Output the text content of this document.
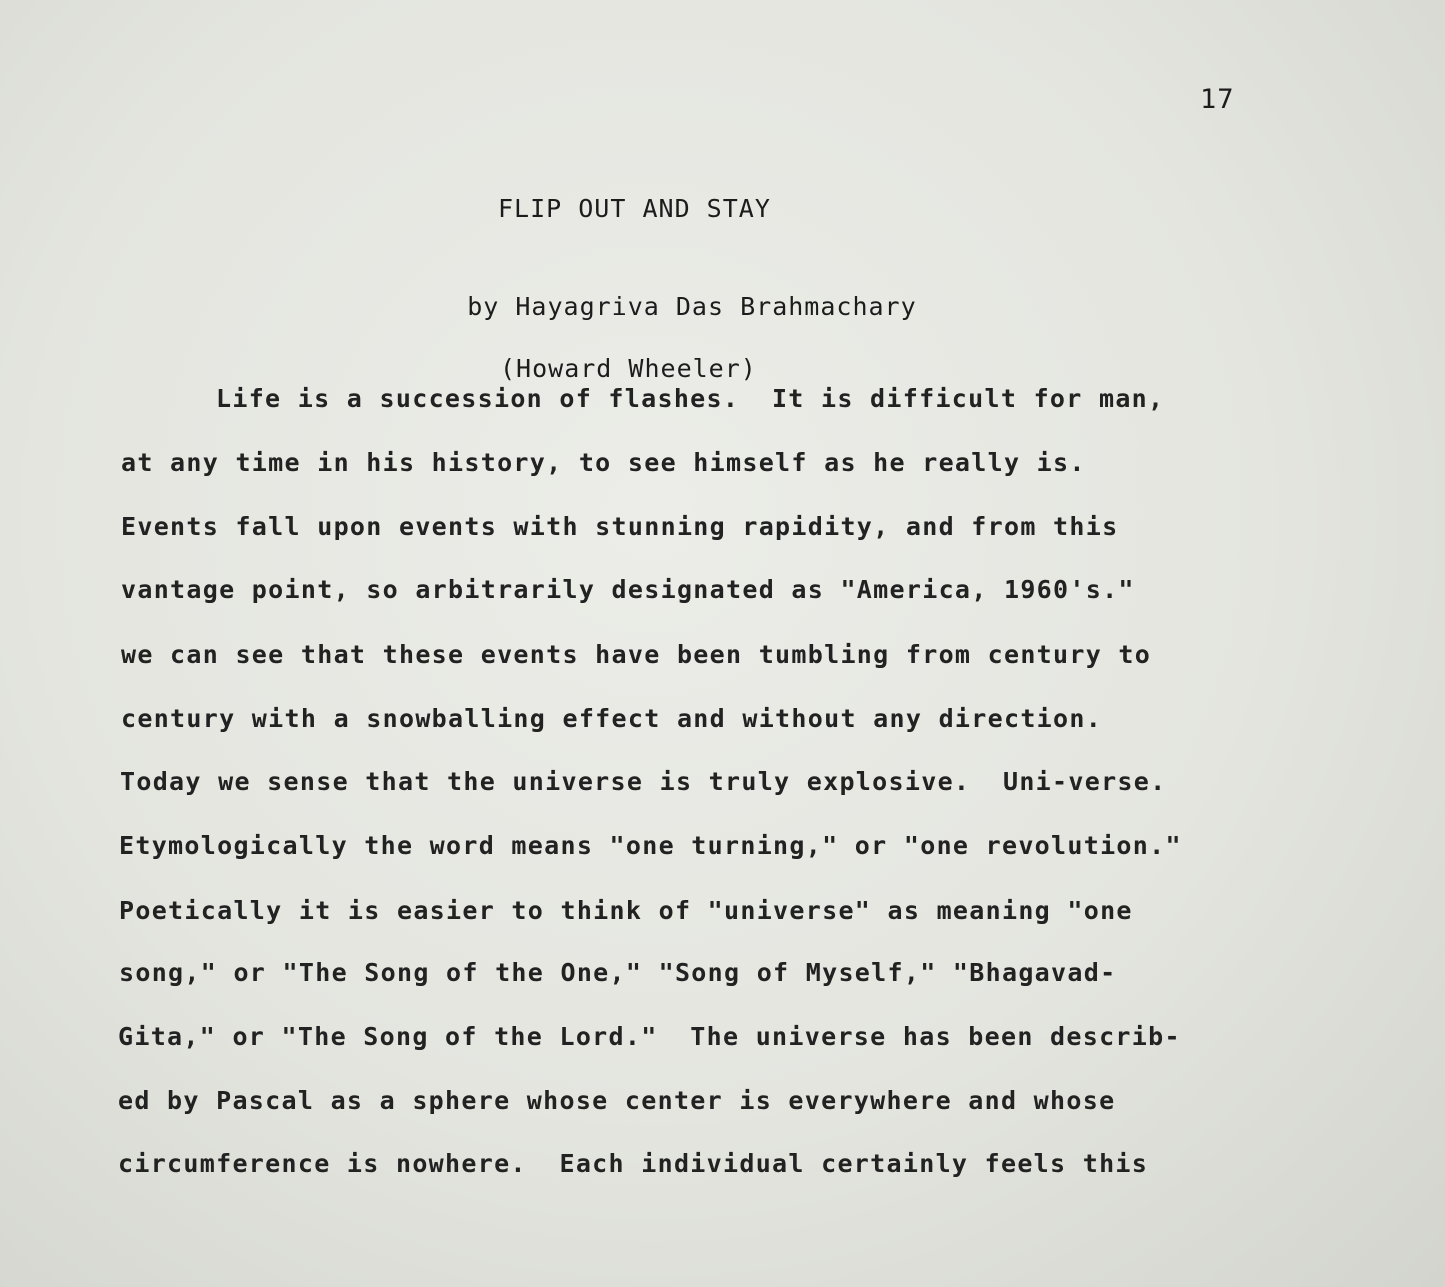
17
FLIP OUT AND STAY

by Hayagriva Das Brahmachary

(Howard Wheeler)

Life is a succession of flashes.  It is difficult for man,
at any time in his history, to see himself as he really is.
Events fall upon events with stunning rapidity, and from this
vantage point, so arbitrarily designated as "America, 1960's."
we can see that these events have been tumbling from century to
century with a snowballing effect and without any direction.
Today we sense that the universe is truly explosive.  Uni-verse.
Etymologically the word means "one turning," or "one revolution."
Poetically it is easier to think of "universe" as meaning "one
song," or "The Song of the One," "Song of Myself," "Bhagavad-
Gita," or "The Song of the Lord."  The universe has been describ-
ed by Pascal as a sphere whose center is everywhere and whose
circumference is nowhere.  Each individual certainly feels this
